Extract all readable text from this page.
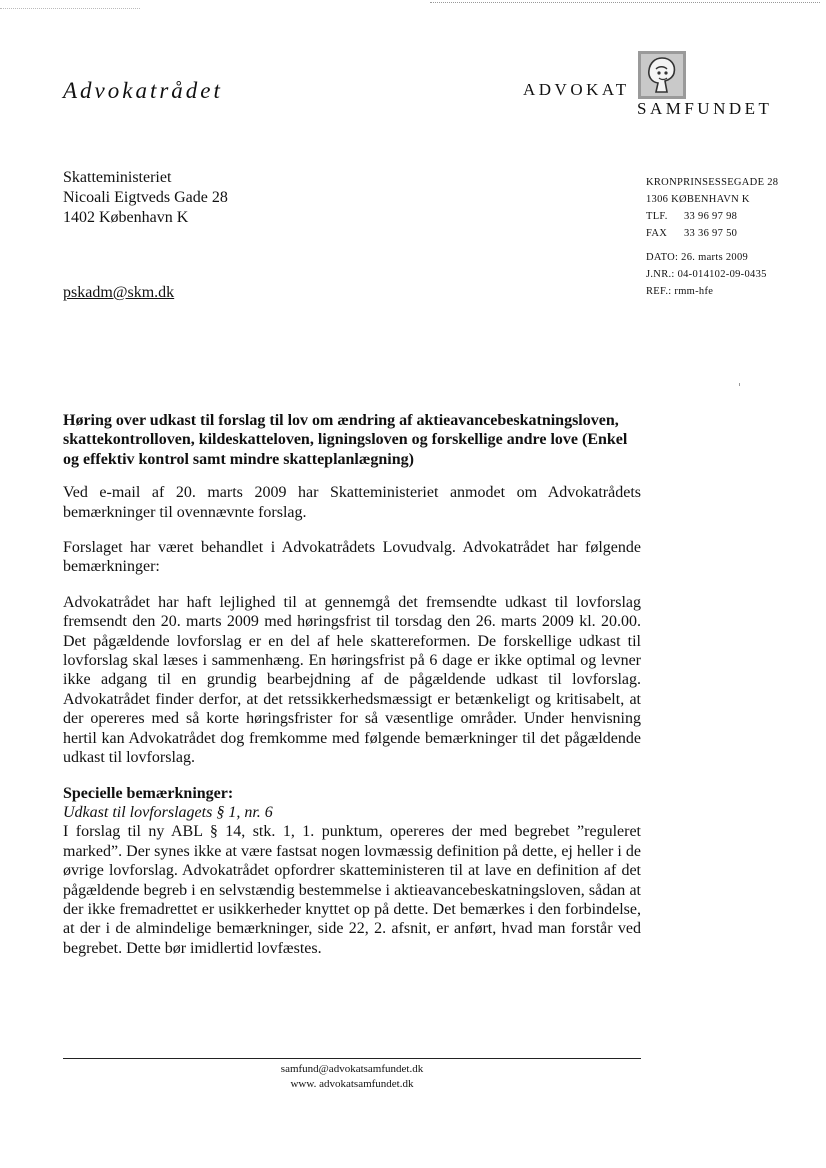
Advokatrådet	ADVOKAT
SAMFUNDET
Skatteministeriet
Nicoali Eigtveds Gade 28
1402 København K
pskadm@skm.dk
KRONPRINSESSEGADE 28
1306 KØBENHAVN K
TLF. 33 96 97 98
FAX 33 36 97 50
DATO: 26. marts 2009
J.NR.: 04-014102-09-0435
REF.: rmm-hfe

Høring over udkast til forslag til lov om ændring af aktieavancebeskatningsloven, skattekontrolloven, kildeskatteloven, ligningsloven og forskellige andre love (Enkel og effektiv kontrol samt mindre skatteplanlægning)

Ved e-mail af 20. marts 2009 har Skatteministeriet anmodet om Advokatrådets bemærkninger til ovennævnte forslag.

Forslaget har været behandlet i Advokatrådets Lovudvalg. Advokatrådet har følgende bemærkninger:

Advokatrådet har haft lejlighed til at gennemgå det fremsendte udkast til lovforslag fremsendt den 20. marts 2009 med høringsfrist til torsdag den 26. marts 2009 kl. 20.00. Det pågældende lovforslag er en del af hele skattereformen. De forskellige udkast til lovforslag skal læses i sammenhæng. En høringsfrist på 6 dage er ikke optimal og levner ikke adgang til en grundig bearbejdning af de pågældende udkast til lovforslag. Advokatrådet finder derfor, at det retssikkerhedsmæssigt er betænkeligt og kritisabelt, at der opereres med så korte høringsfrister for så væsentlige områder. Under henvisning hertil kan Advokatrådet dog fremkomme med følgende bemærkninger til det pågældende udkast til lovforslag.

Specielle bemærkninger:

Udkast til lovforslagets § 1, nr. 6

I forslag til ny ABL § 14, stk. 1, 1. punktum, opereres der med begrebet ”reguleret marked”. Der synes ikke at være fastsat nogen lovmæssig definition på dette, ej heller i de øvrige lovforslag. Advokatrådet opfordrer skatteministeren til at lave en definition af det pågældende begreb i en selvstændig bestemmelse i aktieavancebeskatningsloven, sådan at der ikke fremadrettet er usikkerheder knyttet op på dette. Det bemærkes i den forbindelse, at der i de almindelige bemærkninger, side 22, 2. afsnit, er anført, hvad man forstår ved begrebet. Dette bør imidlertid lovfæstes.

samfund@advokatsamfundet.dk
www. advokatsamfundet.dk
